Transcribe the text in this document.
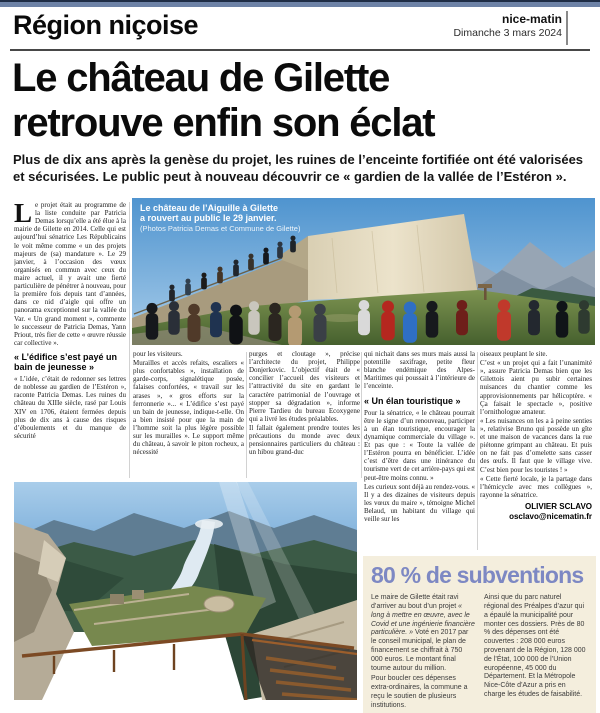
Région niçoise	nice-matin
Dimanche 3 mars 2024
Le château de Gilette
retrouve enfin son éclat

Plus de dix ans après la genèse du projet, les ruines de l’enceinte fortifiée ont été valorisées et sécurisées. Le public peut à nouveau découvrir ce « gardien de la vallée de l’Estéron ».

Le château de l’Aiguille à Gilette
a rouvert au public le 29 janvier.
(Photos Patricia Demas et Commune de Gilette)

Le projet était au programme de la liste conduite par Patricia Demas lorsqu’elle a été élue à la mairie de Gilette en 2014. Celle qui est aujourd’hui sénatrice Les Républicains le voit même comme « un des projets majeurs de (sa) mandature ». Le 29 janvier, à l’occasion des vœux organisés en commun avec ceux du maire actuel, il y avait une fierté particulière de pénétrer à nouveau, pour la première fois depuis tant d’années, dans ce nid d’aigle qui offre un panorama exceptionnel sur la vallée du Var. « Un grand moment », commente le successeur de Patricia Demas, Yann Priout, très fier de cette « œuvre réussie car collective ».

« L’édifice s’est payé un bain de jeunesse »

« L’idée, c’était de redonner ses lettres de noblesse au gardien de l’Estéron », raconte Patricia Demas. Les ruines du château du XIIIe siècle, rasé par Louis XIV en 1706, étaient fermées depuis plus de dix ans à cause des risques d’éboulements et du manque de sécurité

pour les visiteurs.

Murailles et accès refaits, escaliers « plus confortables », installation de garde-corps, signalétique posée, falaises confortées, « travail sur les arases », « gros efforts sur la ferronnerie »... « L’édifice s’est payé un bain de jeunesse, indique-t-elle. On a bien insisté pour que la main de l’homme soit la plus légère possible sur les murailles ». Le support même du château, à savoir le piton rocheux, a nécessité

purges et cloutage », précise l’architecte du projet, Philippe Donjerkovic. L’objectif était de « concilier l’accueil des visiteurs et l’attractivité du site en gardant le caractère patrimonial de l’ouvrage et stopper sa dégradation », informe Pierre Tardieu du bureau Ecoxygene qui a livré les études préalables.

Il fallait également prendre toutes les précautions du monde avec deux pensionnaires particuliers du château : un hibou grand-duc

qui nichait dans ses murs mais aussi la potentille saxifrage, petite fleur blanche endémique des Alpes-Maritimes qui poussait à l’intérieure de l’enceinte.

« Un élan touristique »

Pour la sénatrice, « le château pourrait être le signe d’un renouveau, participer à un élan touristique, encourager la dynamique commerciale du village ». Et pas que : « Toute la vallée de l’Estéron pourra en bénéficier. L’idée c’est d’être dans une itinérance du tourisme vert de cet arrière-pays qui est peut-être moins connu. »

Les curieux sont déjà au rendez-vous. « Il y a des dizaines de visiteurs depuis les vœux du maire », témoigne Michel Belaud, un habitant du village qui veille sur les

oiseaux peuplant le site.

C’est « un projet qui a fait l’unanimité », assure Patricia Demas bien que les Gilettois aient pu subir certaines nuisances du chantier comme les approvisionnements par hélicoptère. « Ça faisait le spectacle », positive l’ornithologue amateur.

« Les nuisances on les a à peine senties », relativise Bruno qui possède un gîte et une maison de vacances dans la rue piétonne grimpant au château. Et puis on ne fait pas d’omelette sans casser des œufs. Il faut que le village vive. C’est bien pour les touristes ! »

« Cette fierté locale, je la partage dans l’hémicycle avec mes collègues », rayonne la sénatrice.

OLIVIER SCLAVO
osclavo@nicematin.fr
80 % de subventions

Le maire de Gilette était ravi d’arriver au bout d’un projet « long à mettre en œuvre, avec le Covid et une ingénierie financière particulière. » Voté en 2017 par le conseil municipal, le plan de financement se chiffrait à 750 000 euros. Le montant final tourne autour du million.

Pour boucler ces dépenses extra-ordinaires, la commune a reçu le soutien de plusieurs institutions.

Ainsi que du parc naturel régional des Préalpes d’azur qui a épaulé la municipalité pour monter ces dossiers. Près de 80 % des dépenses ont été couvertes : 208 000 euros provenant de la Région, 128 000 de l’État, 100 000 de l’Union européenne, 45 000 du Département. Et la Métropole Nice-Côte d’Azur a pris en charge les études de faisabilité.
